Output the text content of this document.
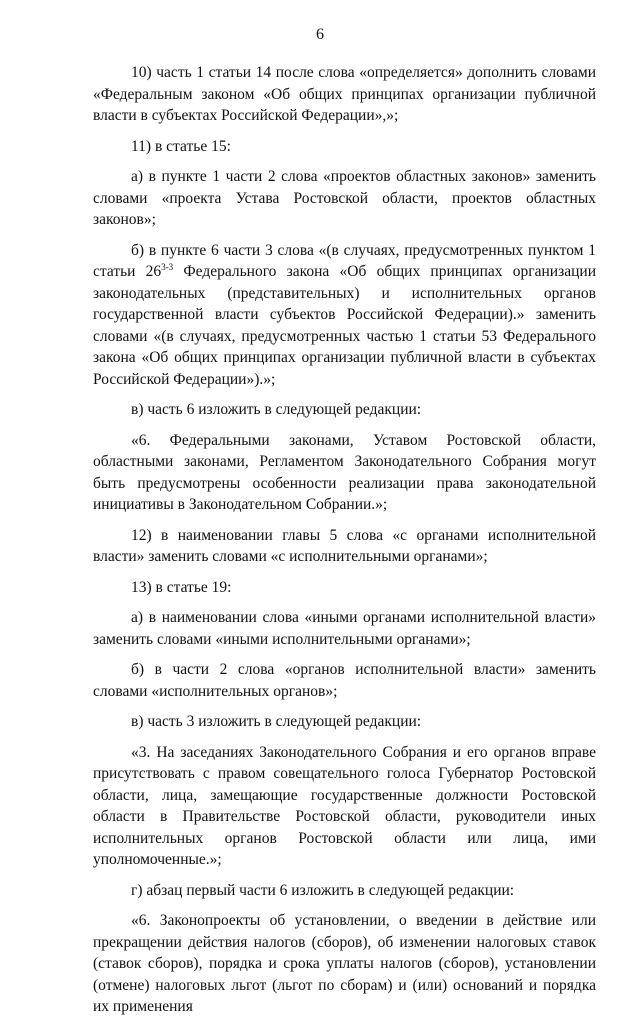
6

10) часть 1 статьи 14 после слова «определяется» дополнить словами «Федеральным законом «Об общих принципах организации публичной власти в субъектах Российской Федерации»,»;

11) в статье 15:

а) в пункте 1 части 2 слова «проектов областных законов» заменить словами «проекта Устава Ростовской области, проектов областных законов»;

б) в пункте 6 части 3 слова «(в случаях, предусмотренных пунктом 1 статьи 26$^{3-3}$ Федерального закона «Об общих принципах организации законодательных (представительных) и исполнительных органов государственной власти субъектов Российской Федерации).» заменить словами «(в случаях, предусмотренных частью 1 статьи 53 Федерального закона «Об общих принципах организации публичной власти в субъектах Российской Федерации»).»;

в) часть 6 изложить в следующей редакции:

«6. Федеральными законами, Уставом Ростовской области, областными законами, Регламентом Законодательного Собрания могут быть предусмотрены особенности реализации права законодательной инициативы в Законодательном Собрании.»;

12) в наименовании главы 5 слова «с органами исполнительной власти» заменить словами «с исполнительными органами»;

13) в статье 19:

а) в наименовании слова «иными органами исполнительной власти» заменить словами «иными исполнительными органами»;

б) в части 2 слова «органов исполнительной власти» заменить словами «исполнительных органов»;

в) часть 3 изложить в следующей редакции:

«3. На заседаниях Законодательного Собрания и его органов вправе присутствовать с правом совещательного голоса Губернатор Ростовской области, лица, замещающие государственные должности Ростовской области в Правительстве Ростовской области, руководители иных исполнительных органов Ростовской области или лица, ими уполномоченные.»;

г) абзац первый части 6 изложить в следующей редакции:

«6. Законопроекты об установлении, о введении в действие или прекращении действия налогов (сборов), об изменении налоговых ставок (ставок сборов), порядка и срока уплаты налогов (сборов), установлении (отмене) налоговых льгот (льгот по сборам) и (или) оснований и порядка их применения
